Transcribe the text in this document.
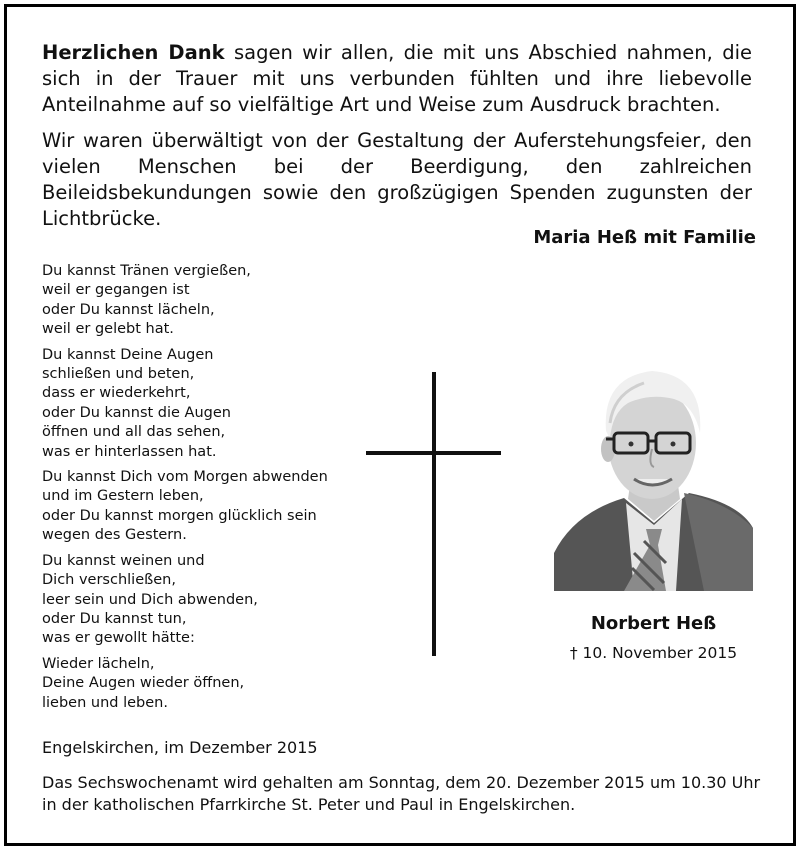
Herzlichen Dank sagen wir allen, die mit uns Abschied nahmen, die sich in der Trauer mit uns verbunden fühlten und ihre liebevolle Anteilnahme auf so vielfältige Art und Weise zum Ausdruck brachten.

Wir waren überwältigt von der Gestaltung der Auferstehungsfeier, den vielen Menschen bei der Beerdigung, den zahlreichen Beileidsbekundungen sowie den großzügigen Spenden zugunsten der Lichtbrücke.

Maria Heß mit Familie
Du kannst Tränen vergießen,
weil er gegangen ist
oder Du kannst lächeln,
weil er gelebt hat.
Du kannst Deine Augen
schließen und beten,
dass er wiederkehrt,
oder Du kannst die Augen
öffnen und all das sehen,
was er hinterlassen hat.
Du kannst Dich vom Morgen abwenden
und im Gestern leben,
oder Du kannst morgen glücklich sein
wegen des Gestern.
Du kannst weinen und
Dich verschließen,
leer sein und Dich abwenden,
oder Du kannst tun,
was er gewollt hätte:
Wieder lächeln,
Deine Augen wieder öffnen,
lieben und leben.
Norbert Heß
† 10. November 2015
Engelskirchen, im Dezember 2015
Das Sechswochenamt wird gehalten am Sonntag, dem 20. Dezember 2015 um 10.30 Uhr in der katholischen Pfarrkirche St. Peter und Paul in Engelskirchen.
